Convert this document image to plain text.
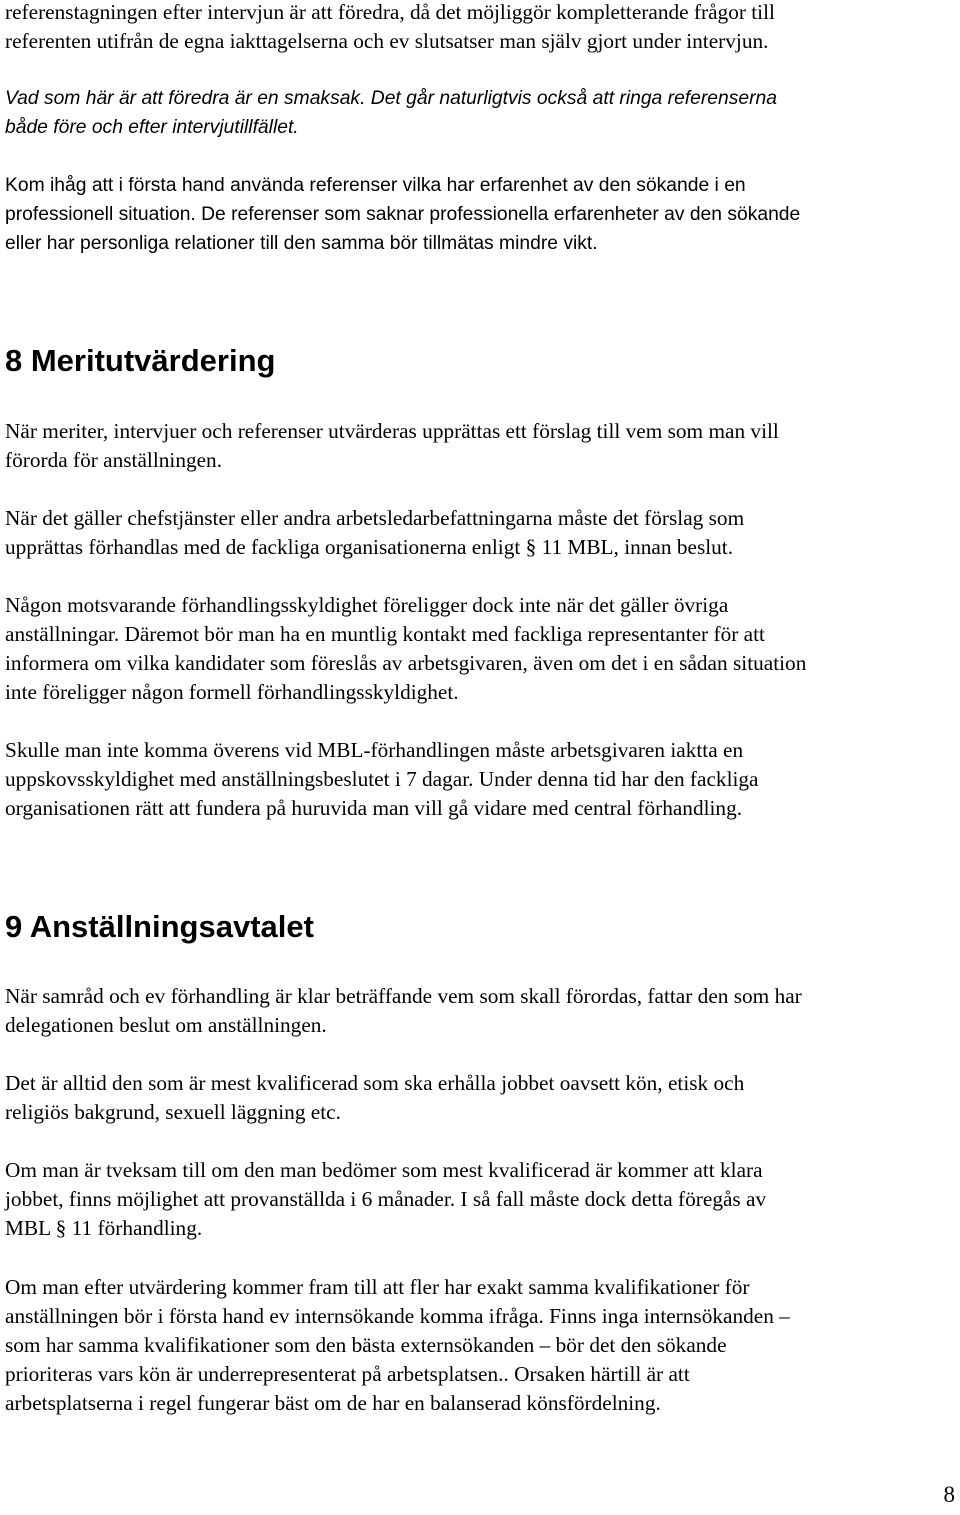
referenstagningen efter intervjun är att föredra, då det möjliggör kompletterande frågor till
referenten utifrån de egna iakttagelserna och ev slutsatser man själv gjort under intervjun.

Vad som här är att föredra är en smaksak. Det går naturligtvis också att ringa referenserna
både före och efter intervjutillfället.

Kom ihåg att i första hand använda referenser vilka har erfarenhet av den sökande i en
professionell situation. De referenser som saknar professionella erfarenheter av den sökande
eller har personliga relationer till den samma bör tillmätas mindre vikt.

8 Meritutvärdering

När meriter, intervjuer och referenser utvärderas upprättas ett förslag till vem som man vill
förorda för anställningen.

När det gäller chefstjänster eller andra arbetsledarbefattningarna måste det förslag som
upprättas förhandlas med de fackliga organisationerna enligt § 11 MBL, innan beslut.

Någon motsvarande förhandlingsskyldighet föreligger dock inte när det gäller övriga
anställningar. Däremot bör man ha en muntlig kontakt med fackliga representanter för att
informera om vilka kandidater som föreslås av arbetsgivaren, även om det i en sådan situation
inte föreligger någon formell förhandlingsskyldighet.

Skulle man inte komma överens vid MBL-förhandlingen måste arbetsgivaren iaktta en
uppskovsskyldighet med anställningsbeslutet i 7 dagar. Under denna tid har den fackliga
organisationen rätt att fundera på huruvida man vill gå vidare med central förhandling.

9 Anställningsavtalet

När samråd och ev förhandling är klar beträffande vem som skall förordas, fattar den som har
delegationen beslut om anställningen.

Det är alltid den som är mest kvalificerad som ska erhålla jobbet oavsett kön, etisk och
religiös bakgrund, sexuell läggning etc.

Om man är tveksam till om den man bedömer som mest kvalificerad är kommer att klara
jobbet, finns möjlighet att provanställda i 6 månader. I så fall måste dock detta föregås av
MBL § 11 förhandling.

Om man efter utvärdering kommer fram till att fler har exakt samma kvalifikationer för
anställningen bör i första hand ev internsökande komma ifråga. Finns inga internsökanden –
som har samma kvalifikationer som den bästa externsökanden – bör det den sökande
prioriteras vars kön är underrepresenterat på arbetsplatsen.. Orsaken härtill är att
arbetsplatserna i regel fungerar bäst om de har en balanserad könsfördelning.

8
